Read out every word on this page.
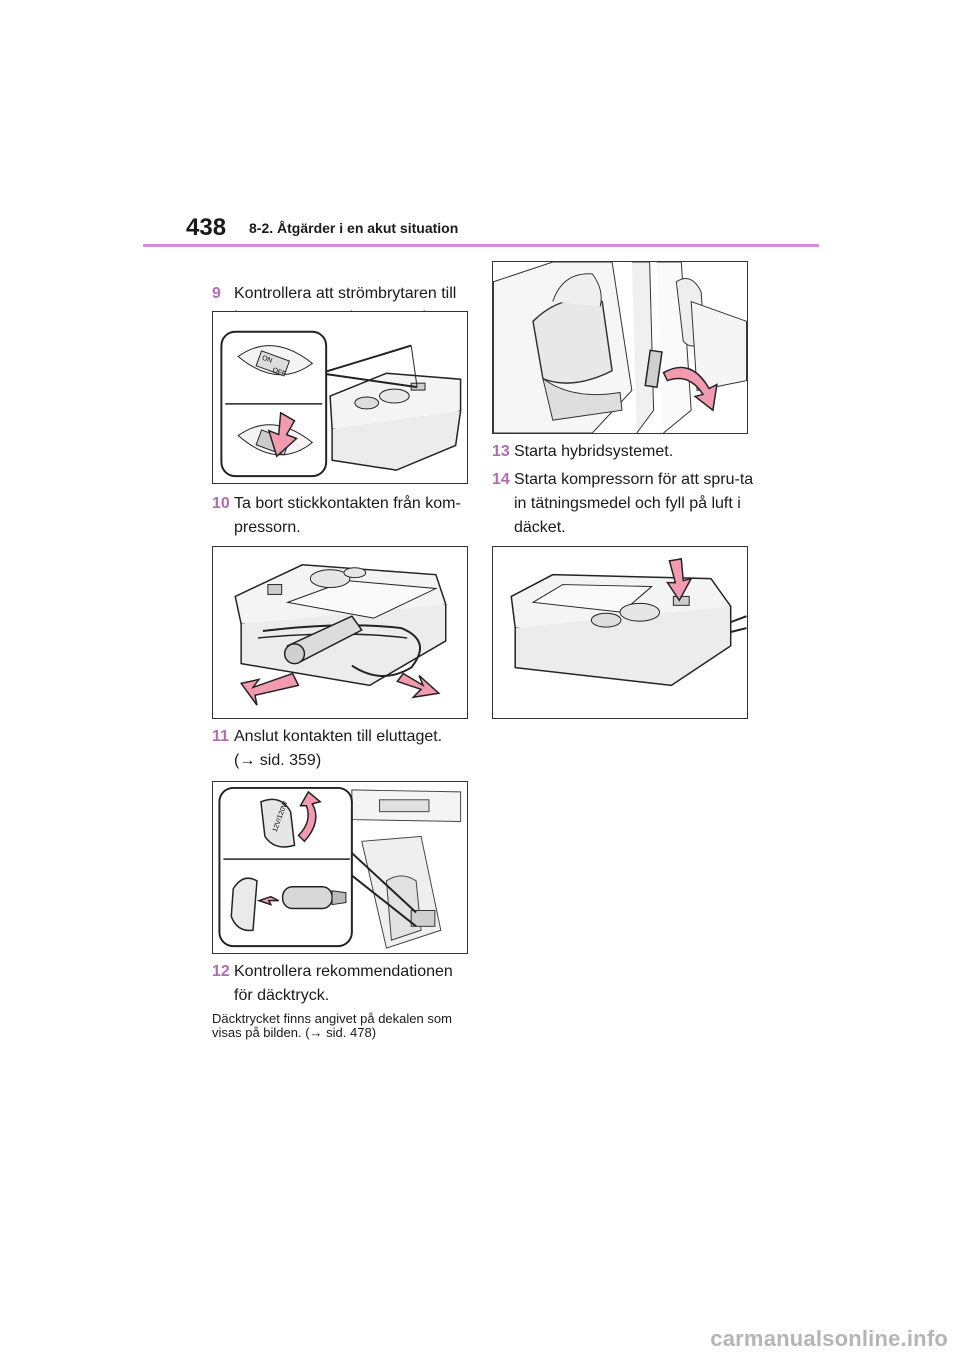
438 8-2. Åtgärder i en akut situation
9 Kontrollera att strömbrytaren till
ON
OFF
10 Ta bort stickkontakten från kom-pressorn.
11 Anslut kontakten till eluttaget.
(→ sid. 359)
12V/120W
12 Kontrollera rekommendationen för däcktryck.
Däcktrycket finns angivet på dekalen som visas på bilden. (→ sid. 478)
13 Starta hybridsystemet.
14 Starta kompressorn för att spru-ta in tätningsmedel och fyll på luft i däcket.
carmanualsonline.info
